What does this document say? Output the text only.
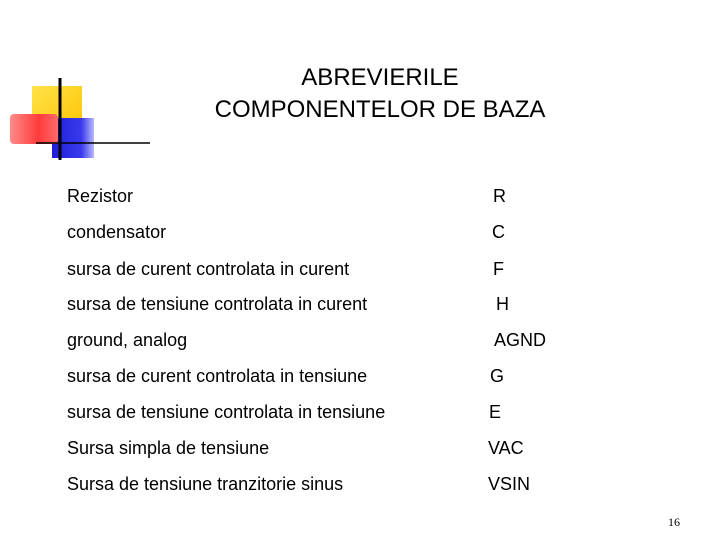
ABREVIERILE
COMPONENTELOR DE BAZA
Rezistor	R
condensator	C
sursa de curent controlata in curent	F
sursa de tensiune controlata in curent	H
ground, analog	AGND
sursa de curent controlata in tensiune	G
sursa de tensiune controlata in tensiune	E
Sursa simpla de tensiune	VAC
Sursa de tensiune tranzitorie sinus	VSIN
16
